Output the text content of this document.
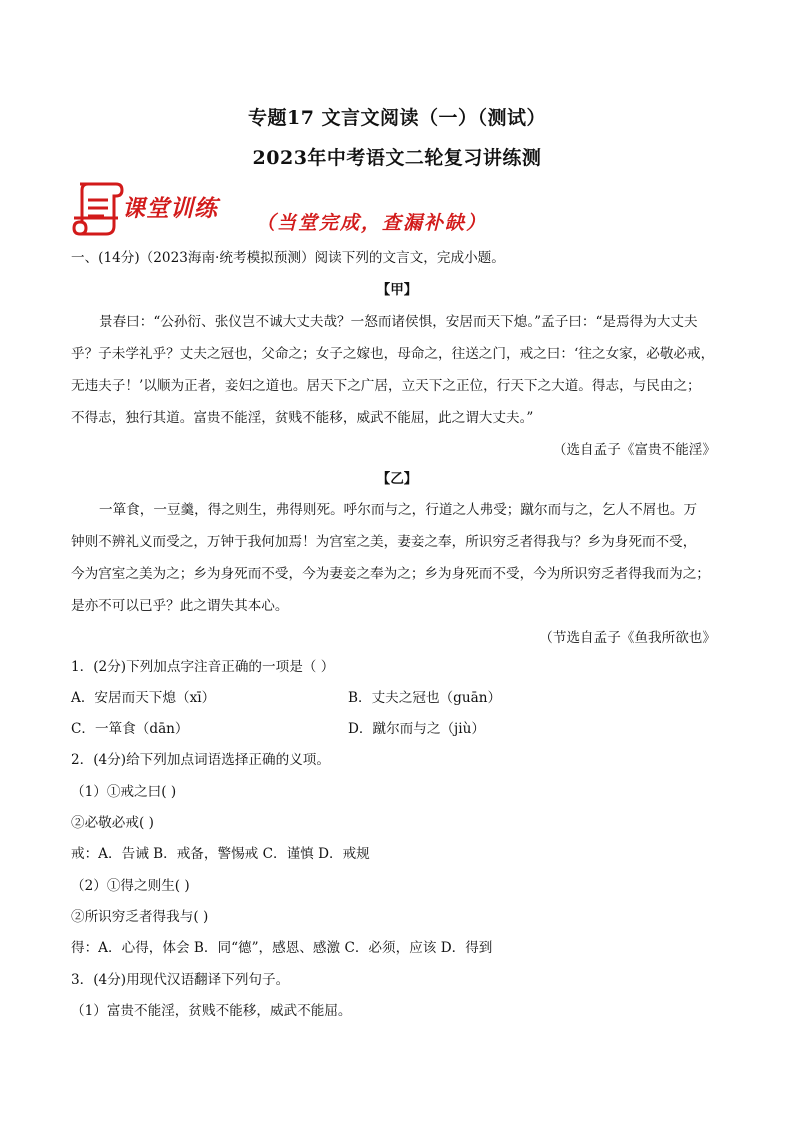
专题17 文言文阅读（一）（测试）
2023年中考语文二轮复习讲练测
课堂训练
（当堂完成，查漏补缺）
一、(14分)（2023海南·统考模拟预测）阅读下列的文言文，完成小题。
【甲】
景春曰：“公孙衍、张仪岂不诚大丈夫哉？一怒而诸侯惧，安居而天下熄。”孟子曰：“是焉得为大丈夫
乎？子未学礼乎？丈夫之冠也，父命之；女子之嫁也，母命之，往送之门，戒之曰：‘往之女家，必敬必戒，
无违夫子！’以顺为正者，妾妇之道也。居天下之广居，立天下之正位，行天下之大道。得志，与民由之；
不得志，独行其道。富贵不能淫，贫贱不能移，威武不能屈，此之谓大丈夫。”
（选自孟子《富贵不能淫》
【乙】
一箪食，一豆羹，得之则生，弗得则死。呼尔而与之，行道之人弗受；蹴尔而与之，乞人不屑也。万
钟则不辨礼义而受之，万钟于我何加焉！为宫室之美，妻妾之奉，所识穷乏者得我与？乡为身死而不受，
今为宫室之美为之；乡为身死而不受，今为妻妾之奉为之；乡为身死而不受，今为所识穷乏者得我而为之；
是亦不可以已乎？此之谓失其本心。
（节选自孟子《鱼我所欲也》
1．(2分)下列加点字注音正确的一项是（ ）
A．安居而天下熄（xī）	B．丈夫之冠也（guān）
C．一箪食（dān）	D．蹴尔而与之（jiù）
2．(4分)给下列加点词语选择正确的义项。
（1）①戒之曰( )
②必敬必戒( )
戒：A．告诫 B．戒备，警惕戒 C．谨慎 D．戒规
（2）①得之则生( )
②所识穷乏者得我与( )
得：A．心得，体会 B．同“德”，感恩、感激 C．必须，应该 D．得到
3．(4分)用现代汉语翻译下列句子。
（1）富贵不能淫，贫贱不能移，威武不能屈。
